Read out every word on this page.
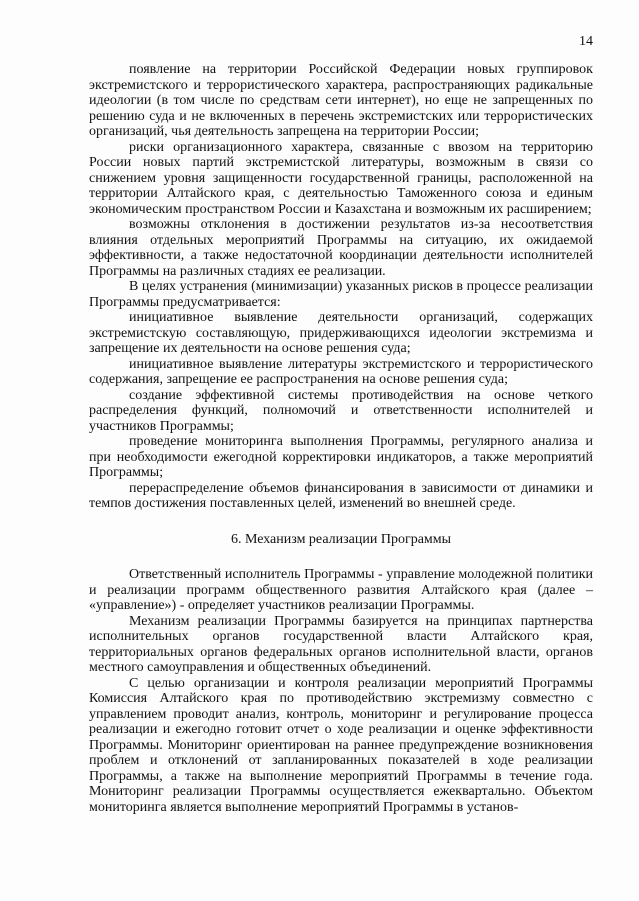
14

появление на территории Российской Федерации новых группировок экстремистского и террористического характера, распространяющих радикальные идеологии (в том числе по средствам сети интернет), но еще не запрещенных по решению суда и не включенных в перечень экстремистских или террористических организаций, чья деятельность запрещена на территории России;

риски организационного характера, связанные с ввозом на территорию России новых партий экстремистской литературы, возможным в связи со снижением уровня защищенности государственной границы, расположенной на территории Алтайского края, с деятельностью Таможенного союза и единым экономическим пространством России и Казахстана и возможным их расширением;

возможны отклонения в достижении результатов из-за несоответствия влияния отдельных мероприятий Программы на ситуацию, их ожидаемой эффективности, а также недостаточной координации деятельности исполнителей Программы на различных стадиях ее реализации.

В целях устранения (минимизации) указанных рисков в процессе реализации Программы предусматривается:

инициативное выявление деятельности организаций, содержащих экстремистскую составляющую, придерживающихся идеологии экстремизма и запрещение их деятельности на основе решения суда;

инициативное выявление литературы экстремистского и террористического содержания, запрещение ее распространения на основе решения суда;

создание эффективной системы противодействия на основе четкого распределения функций, полномочий и ответственности исполнителей и участников Программы;

проведение мониторинга выполнения Программы, регулярного анализа и при необходимости ежегодной корректировки индикаторов, а также мероприятий Программы;

перераспределение объемов финансирования в зависимости от динамики и темпов достижения поставленных целей, изменений во внешней среде.

6. Механизм реализации Программы

Ответственный исполнитель Программы - управление молодежной политики и реализации программ общественного развития Алтайского края (далее – «управление») - определяет участников реализации Программы.

Механизм реализации Программы базируется на принципах партнерства исполнительных органов государственной власти Алтайского края, территориальных органов федеральных органов исполнительной власти, органов местного самоуправления и общественных объединений.

С целью организации и контроля реализации мероприятий Программы Комиссия Алтайского края по противодействию экстремизму совместно с управлением проводит анализ, контроль, мониторинг и регулирование процесса реализации и ежегодно готовит отчет о ходе реализации и оценке эффективности Программы. Мониторинг ориентирован на раннее предупреждение возникновения проблем и отклонений от запланированных показателей в ходе реализации Программы, а также на выполнение мероприятий Программы в течение года. Мониторинг реализации Программы осуществляется ежеквартально. Объектом мониторинга является выполнение мероприятий Программы в установ-
